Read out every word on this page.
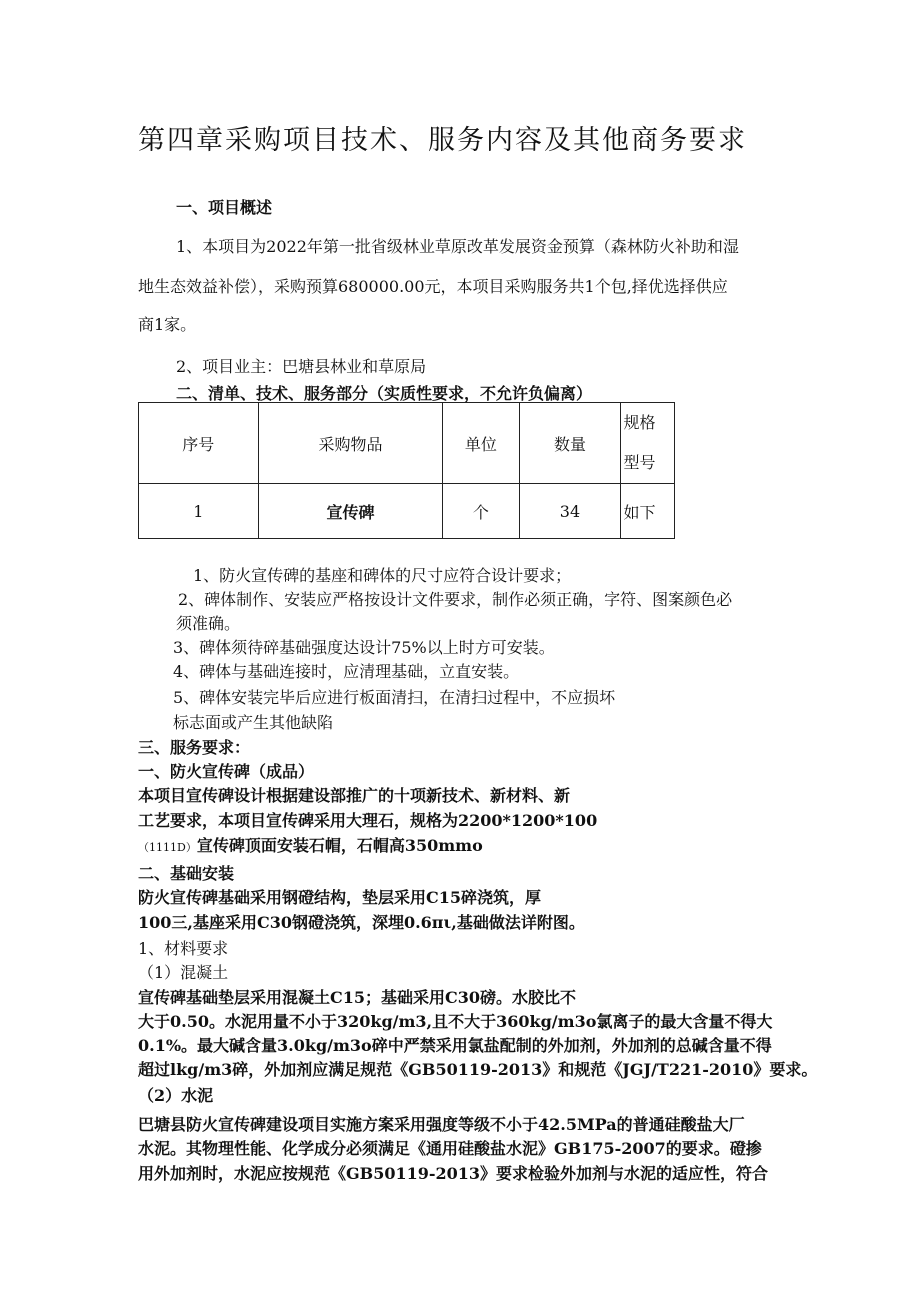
第四章采购项目技术、服务内容及其他商务要求
一、项目概述
1、本项目为2022年第一批省级林业草原改革发展资金预算（森林防火补助和湿
地生态效益补偿），采购预算680000.00元，本项目采购服务共1个包,择优选择供应
商1家。
2、项目业主：巴塘县林业和草原局
二、清单、技术、服务部分（实质性要求，不允许负偏离）
序号	采购物品	单位	数量	规格
型号

1	宣传碑	个	34	如下
1、防火宣传碑的基座和碑体的尺寸应符合设计要求；
2、碑体制作、安装应严格按设计文件要求，制作必须正确，字符、图案颜色必
须准确。
3、碑体须待碎基础强度达设计75%以上时方可安装。
4、碑体与基础连接时，应清理基础，立直安装。
5、碑体安装完毕后应进行板面清扫，在清扫过程中，不应损坏
标志面或产生其他缺陷
三、服务要求：
一、防火宣传碑（成品）
本项目宣传碑设计根据建设部推广的十项新技术、新材料、新
工艺要求，本项目宣传碑采用大理石，规格为2200*1200*100
（1111D）宣传碑顶面安装石帽，石帽高350mmo
二、基础安装
防火宣传碑基础采用钢磴结构，垫层采用C15碎浇筑，厚
100三,基座采用C30钢磴浇筑，深埋0.6πι,基础做法详附图。
1、材料要求
（1）混凝土
宣传碑基础垫层采用混凝土C15；基础采用C30磅。水胶比不
大于0.50。水泥用量不小于320kg∕m3,且不大于360kg∕m3o氯离子的最大含量不得大
0.1%。最大碱含量3.0kg∕m3o碎中严禁采用氯盐配制的外加剂，外加剂的总碱含量不得
超过lkg∕m3碎，外加剂应满足规范《GB50119-2013》和规范《JGJ/T221-2010》要求。
（2）水泥
巴塘县防火宣传碑建设项目实施方案采用强度等级不小于42.5MPa的普通硅酸盐大厂
水泥。其物理性能、化学成分必须满足《通用硅酸盐水泥》GB175-2007的要求。磴掺
用外加剂时，水泥应按规范《GB50119-2013》要求检验外加剂与水泥的适应性，符合
